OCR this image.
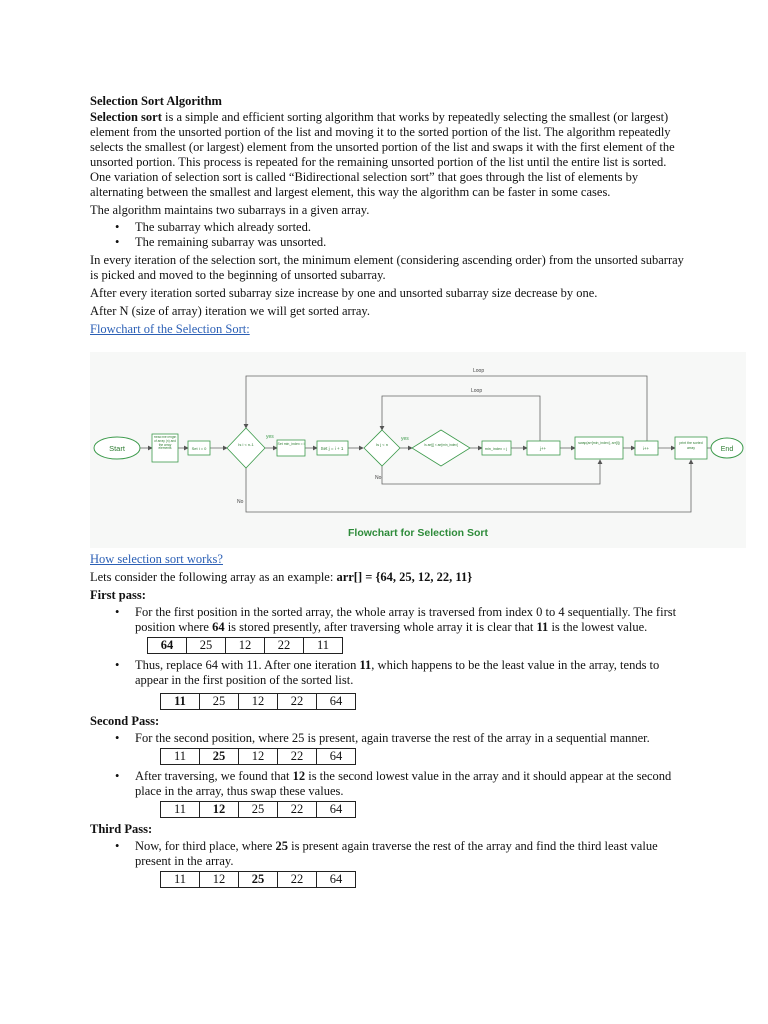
Selection Sort Algorithm

Selection sort is a simple and efficient sorting algorithm that works by repeatedly selecting the smallest (or largest) element from the unsorted portion of the list and moving it to the sorted portion of the list. The algorithm repeatedly selects the smallest (or largest) element from the unsorted portion of the list and swaps it with the first element of the unsorted portion. This process is repeated for the remaining unsorted portion of the list until the entire list is sorted. One variation of selection sort is called “Bidirectional selection sort” that goes through the list of elements by alternating between the smallest and largest element, this way the algorithm can be faster in some cases.

The algorithm maintains two subarrays in a given array.

• The subarray which already sorted.
• The remaining subarray was unsorted.

In every iteration of the selection sort, the minimum element (considering ascending order) from the unsorted subarray is picked and moved to the beginning of unsorted subarray.

After every iteration sorted subarray size increase by one and unsorted subarray size decrease by one.

After N (size of array) iteration we will get sorted array.

Flowchart of the Selection Sort:
Loop
Loop
Start
Read the length of array (n) and the array elements	Set i = 0
Is i < n-1
yes
No
Set min_index = i
Set j = i + 1
Is j < n
yes
No
Is arr[j] < arr[min_index]
min_index = j	j++
swap(arr[min_index], arr[i])
i++
print the sorted array	End
Flowchart for Selection Sort
How selection sort works?

Lets consider the following array as an example: arr[] = {64, 25, 12, 22, 11}

First pass:

• For the first position in the sorted array, the whole array is traversed from index 0 to 4 sequentially. The first position where 64 is stored presently, after traversing whole array it is clear that 11 is the lowest value.
64	25	12	22	11
• Thus, replace 64 with 11. After one iteration 11, which happens to be the least value in the array, tends to appear in the first position of the sorted list.
11	25	12	22	64

Second Pass:

• For the second position, where 25 is present, again traverse the rest of the array in a sequential manner.
11	25	12	22	64
• After traversing, we found that 12 is the second lowest value in the array and it should appear at the second place in the array, thus swap these values.
11	12	25	22	64

Third Pass:

• Now, for third place, where 25 is present again traverse the rest of the array and find the third least value present in the array.
11	12	25	22	64
